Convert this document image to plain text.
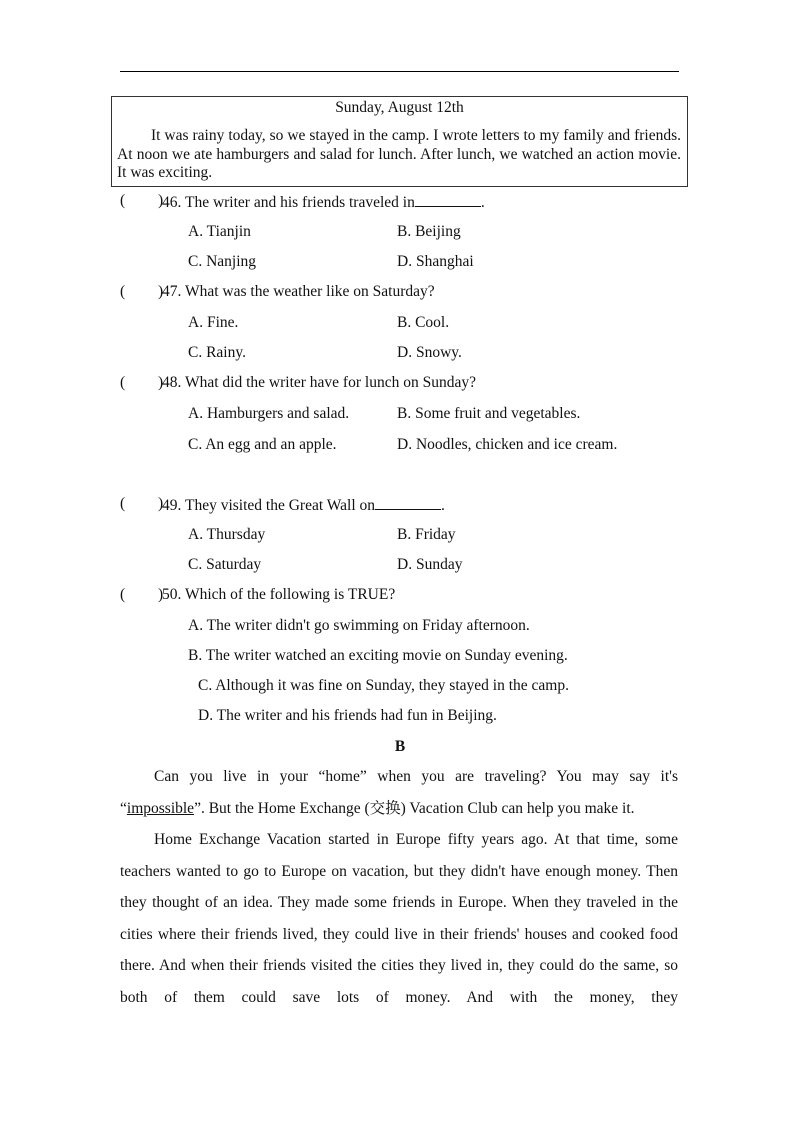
Sunday, August 12th
It was rainy today, so we stayed in the camp. I wrote letters to my family and friends. At noon we ate hamburgers and salad for lunch. After lunch, we watched an action movie. It was exciting.
( )
46. The writer and his friends traveled in	.
A. Tianjin	B. Beijing
C. Nanjing	D. Shanghai
( )
47. What was the weather like on Saturday?
A. Fine.	B. Cool.
C. Rainy.	D. Snowy.
( )
48. What did the writer have for lunch on Sunday?
A. Hamburgers and salad.	B. Some fruit and vegetables.
C. An egg and an apple.	D. Noodles, chicken and ice cream.
( )
49. They visited the Great Wall on	.
A. Thursday	B. Friday
C. Saturday	D. Sunday
( )
50. Which of the following is TRUE?
A. The writer didn't go swimming on Friday afternoon.
B. The writer watched an exciting movie on Sunday evening.
C. Although it was fine on Sunday, they stayed in the camp.
D. The writer and his friends had fun in Beijing.
B
Can you live in your “home” when you are traveling? You may say it's “impossible”. But the Home Exchange (交换) Vacation Club can help you make it.
Home Exchange Vacation started in Europe fifty years ago. At that time, some teachers wanted to go to Europe on vacation, but they didn't have enough money. Then they thought of an idea. They made some friends in Europe. When they traveled in the cities where their friends lived, they could live in their friends' houses and cooked food there. And when their friends visited the cities they lived in, they could do the same, so both of them could save lots of money. And with the money, they
